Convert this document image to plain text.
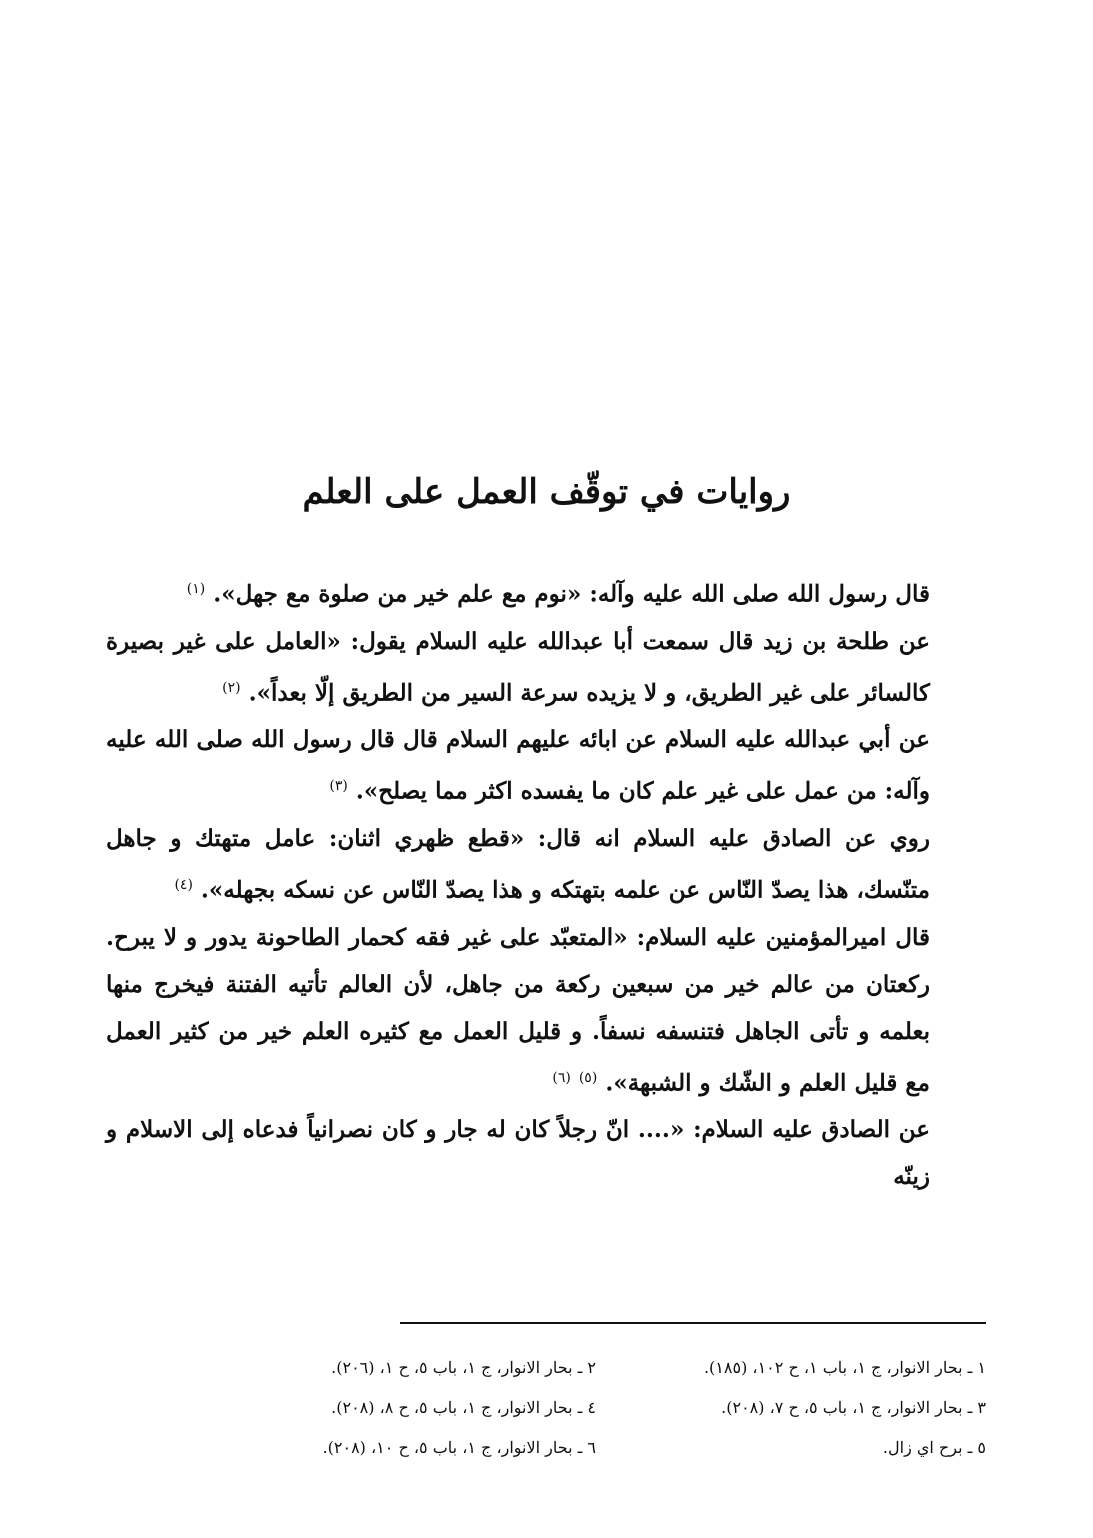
روايات في توقّف العمل على العلم

قال رسول الله صلى الله عليه وآله: «نوم مع علم خير من صلوة مع جهل». $^{(١)}$

عن طلحة بن زيد قال سمعت أبا عبدالله عليه السلام يقول: «العامل على غير بصيرة كالسائر على غير الطريق، و لا يزيده سرعة السير من الطريق إلّا بعداً». $^{(٢)}$

عن أبي عبدالله عليه السلام عن ابائه عليهم السلام قال قال رسول الله صلى الله عليه وآله: من عمل على غير علم كان ما يفسده اكثر مما يصلح». $^{(٣)}$

روي عن الصادق عليه السلام انه قال: «قطع ظهري اثنان: عامل متهتك و جاهل متنّسك، هذا يصدّ النّاس عن علمه بتهتكه و هذا يصدّ النّاس عن نسكه بجهله». $^{(٤)}$

قال اميرالمؤمنين عليه السلام: «المتعبّد على غير فقه كحمار الطاحونة يدور و لا يبرح. ركعتان من عالم خير من سبعين ركعة من جاهل، لأن العالم تأتيه الفتنة فيخرج منها بعلمه و تأتى الجاهل فتنسفه نسفاً. و قليل العمل مع كثيره العلم خير من كثير العمل مع قليل العلم و الشّك و الشبهة». $^{(٥)}$ $^{(٦)}$

عن الصادق عليه السلام: «.... انّ رجلاً كان له جار و كان نصرانياً فدعاه إلى الاسلام و زينّه

١ ـ بحار الانوار، ج ١، باب ١، ح ١٠٢، (١٨٥).
٢ ـ بحار الانوار، ج ١، باب ٥، ح ١، (٢٠٦).
٣ ـ بحار الانوار، ج ١، باب ٥، ح ٧، (٢٠٨).
٤ ـ بحار الانوار، ج ١، باب ٥، ح ٨، (٢٠٨).
٥ ـ برح اي زال.
٦ ـ بحار الانوار، ج ١، باب ٥، ح ١٠، (٢٠٨).
